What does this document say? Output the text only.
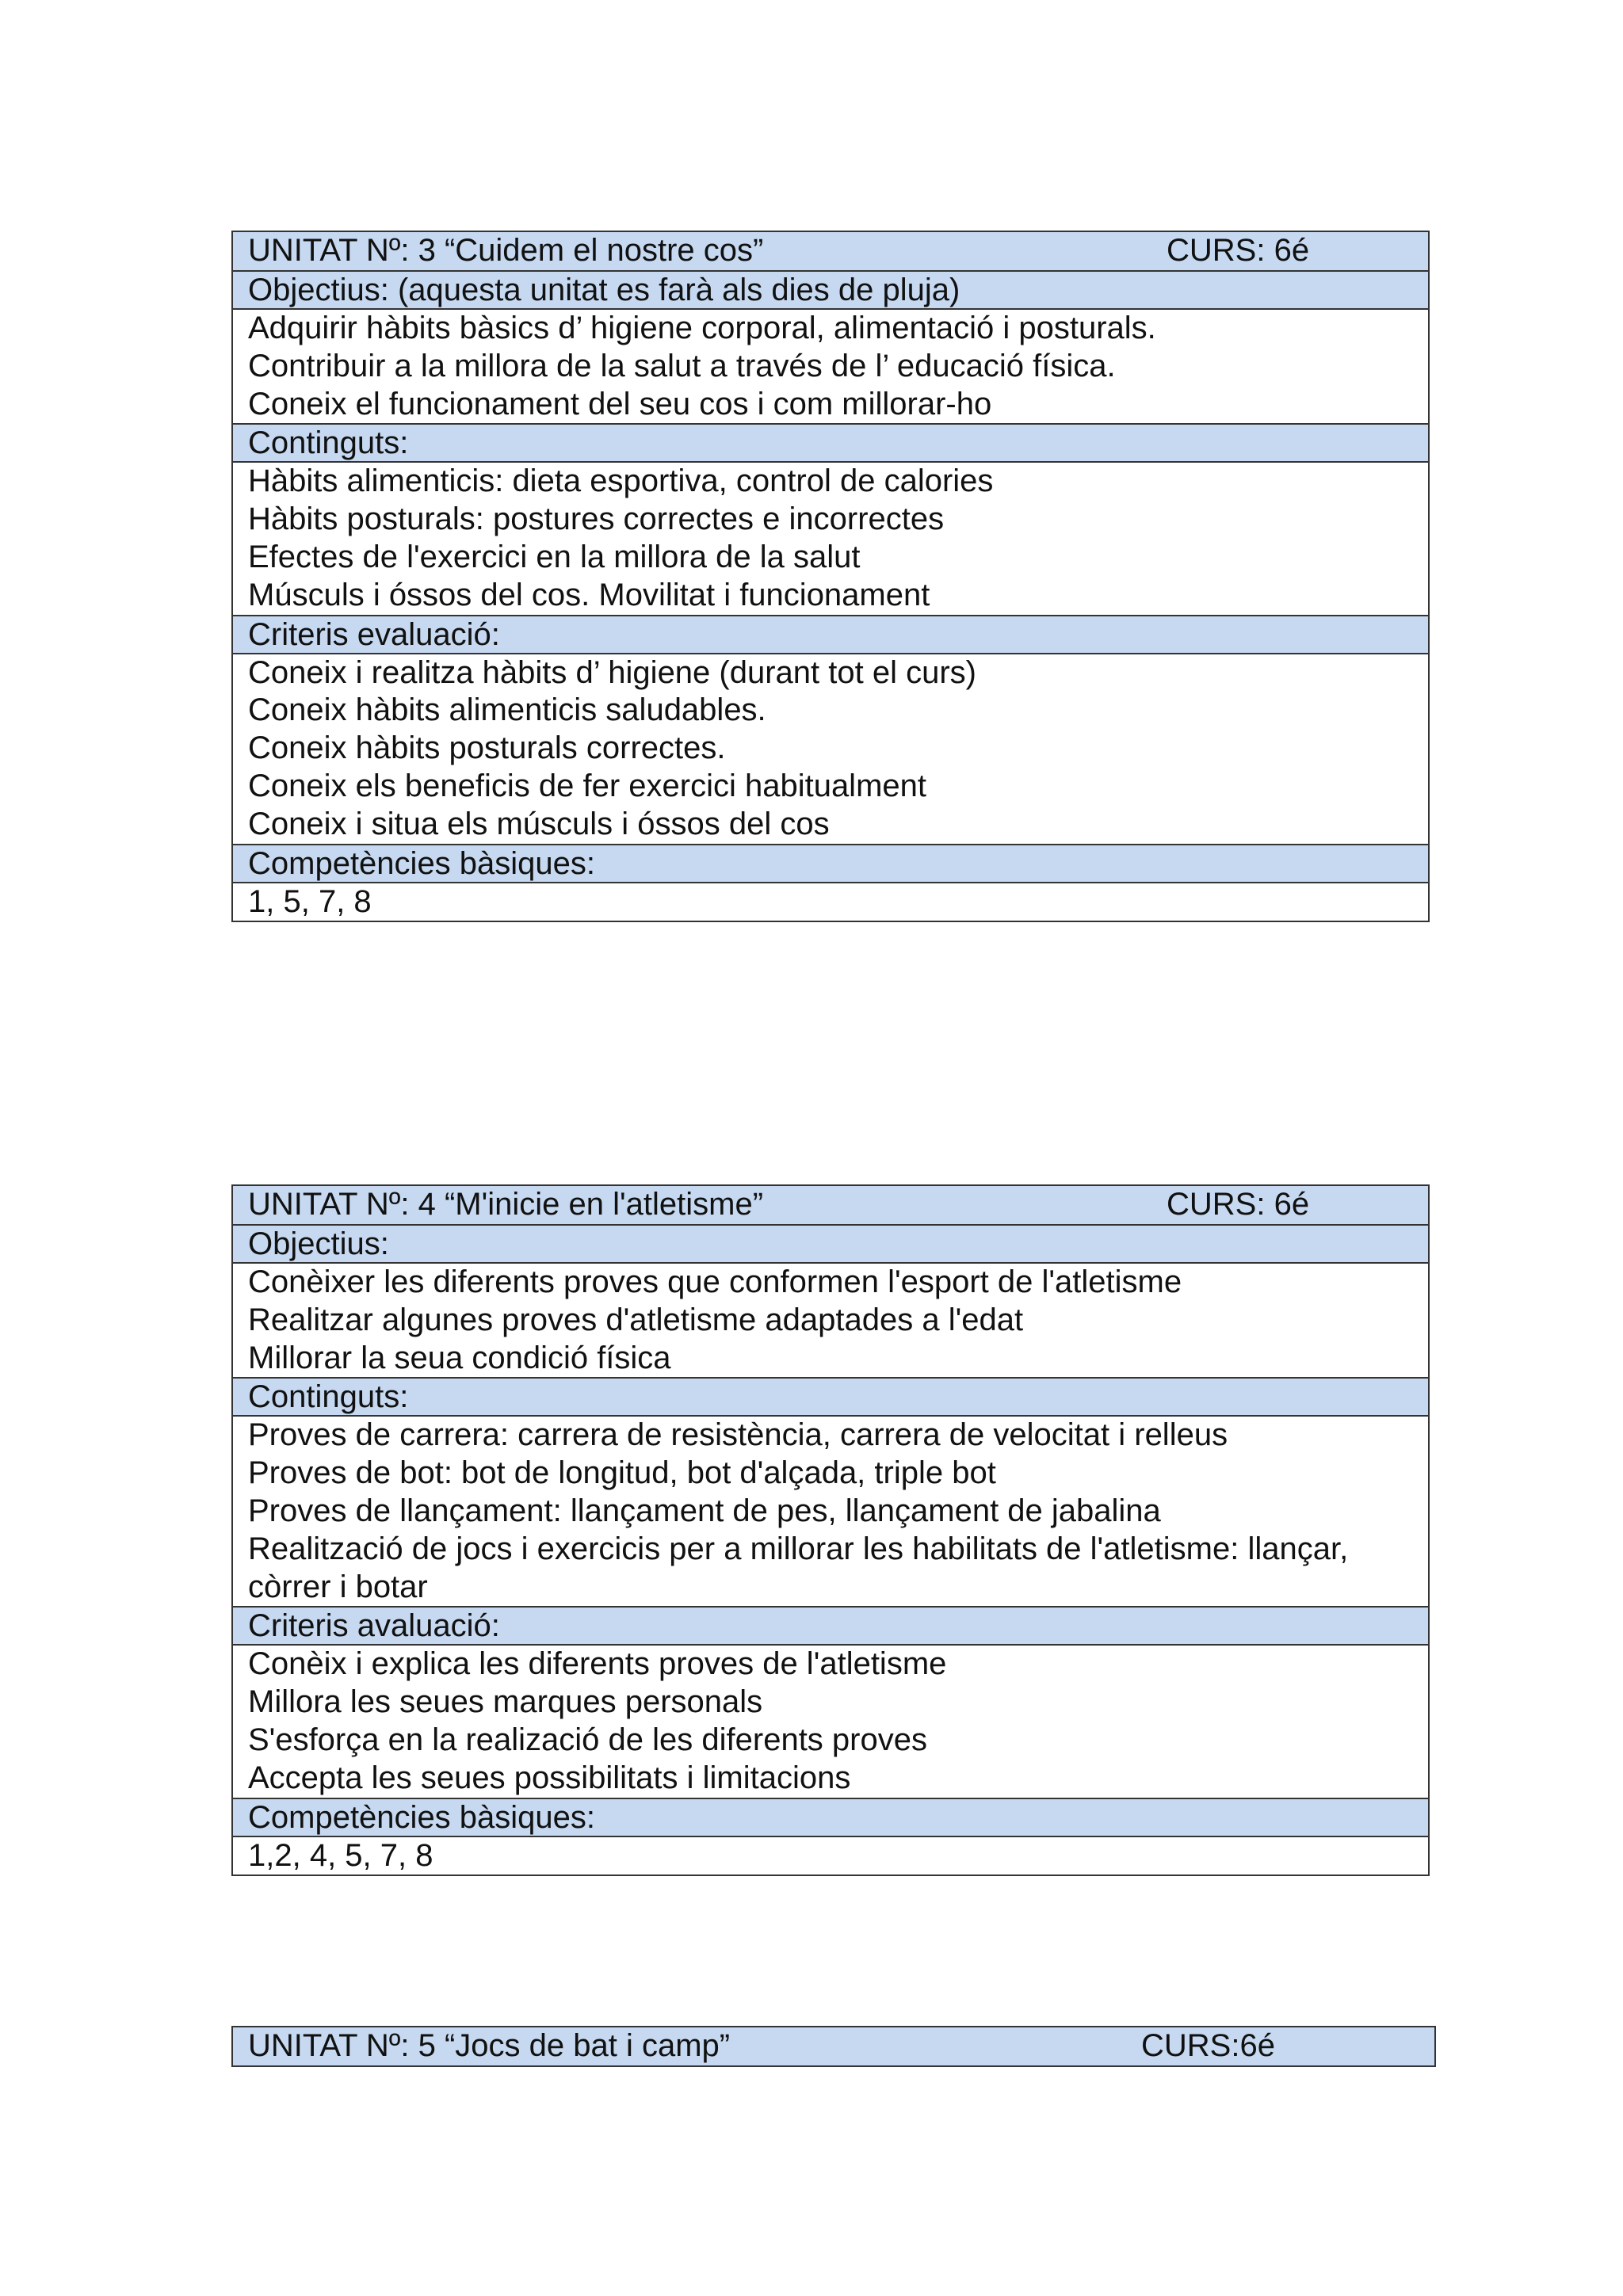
UNITAT Nº: 3 “Cuidem el nostre cos”	CURS: 6é
Objectius: (aquesta unitat es farà als dies de pluja)
Adquirir hàbits bàsics d’ higiene corporal, alimentació i posturals.
Contribuir a la millora de la salut a través de l’ educació física.
Coneix el funcionament del seu cos i com millorar-ho
Continguts:
Hàbits alimenticis: dieta esportiva, control de calories
Hàbits posturals: postures correctes e incorrectes
Efectes de l'exercici en la millora de la salut
Músculs i óssos del cos. Movilitat i funcionament
Criteris evaluació:
Coneix i realitza hàbits d’ higiene (durant tot el curs)
Coneix hàbits alimenticis saludables.
Coneix hàbits posturals correctes.
Coneix els beneficis de fer exercici habitualment
Coneix i situa els músculs i óssos del cos
Competències bàsiques:
1, 5, 7, 8
UNITAT Nº: 4 “M'inicie en l'atletisme”	CURS: 6é
Objectius:
Conèixer les diferents proves que conformen l'esport de l'atletisme
Realitzar algunes proves d'atletisme adaptades a l'edat
Millorar la seua condició física
Continguts:
Proves de carrera: carrera de resistència, carrera de velocitat i relleus
Proves de bot: bot de longitud, bot d'alçada, triple bot
Proves de llançament: llançament de pes, llançament de jabalina
Realització de jocs i exercicis per a millorar les habilitats de l'atletisme: llançar,
còrrer i botar
Criteris avaluació:
Conèix i explica les diferents proves de l'atletisme
Millora les seues marques personals
S'esforça en la realizació de les diferents proves
Accepta les seues possibilitats i limitacions
Competències bàsiques:
1,2, 4, 5, 7, 8
UNITAT Nº: 5 “Jocs de bat i camp”	CURS:6é
